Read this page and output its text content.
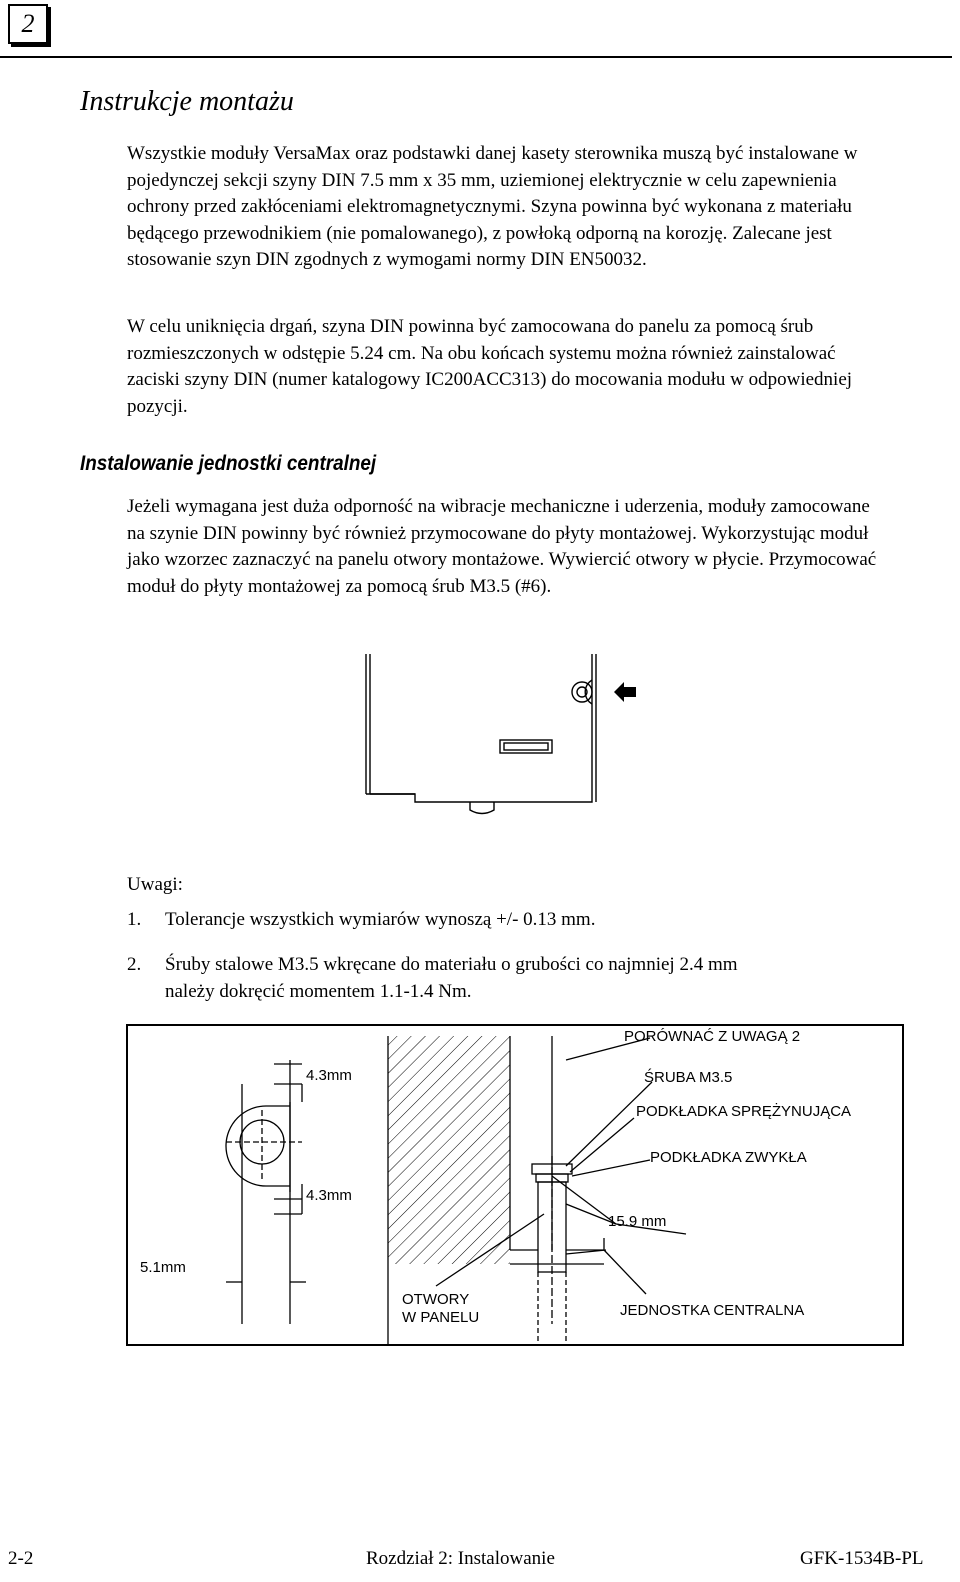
2
Instrukcje montażu

Wszystkie moduły VersaMax oraz podstawki danej kasety sterownika muszą być instalowane w pojedynczej sekcji szyny DIN 7.5 mm x 35 mm, uziemionej elektrycznie w celu zapewnienia ochrony przed zakłóceniami elektromagnetycznymi. Szyna powinna być wykonana z materiału będącego przewodnikiem (nie pomalowanego), z powłoką odporną na korozję. Zalecane jest stosowanie szyn DIN zgodnych z wymogami normy DIN EN50032.

W celu uniknięcia drgań, szyna DIN powinna być zamocowana do panelu za pomocą śrub rozmieszczonych w odstępie 5.24 cm. Na obu końcach systemu można również zainstalować zaciski szyny DIN (numer katalogowy IC200ACC313) do mocowania modułu w odpowiedniej pozycji.

Instalowanie jednostki centralnej

Jeżeli wymagana jest duża odporność na wibracje mechaniczne i uderzenia, moduły zamocowane na szynie DIN powinny być również przymocowane do płyty montażowej. Wykorzystując moduł jako wzorzec zaznaczyć na panelu otwory montażowe. Wywiercić otwory w płycie. Przymocować moduł do płyty montażowej za pomocą śrub M3.5 (#6).

Uwagi:
1. Tolerancje wszystkich wymiarów wynoszą +/- 0.13 mm.
2. Śruby stalowe M3.5 wkręcane do materiału o grubości co najmniej 2.4 mm
należy dokręcić momentem 1.1-1.4 Nm.
4.3mm
4.3mm
5.1mm
PORÓWNAĆ Z UWAGĄ 2
ŚRUBA M3.5
PODKŁADKA SPRĘŻYNUJĄCA
PODKŁADKA ZWYKŁA
15.9 mm
OTWORY
W PANELU	JEDNOSTKA CENTRALNA
2-2	Rozdział 2: Instalowanie	GFK-1534B-PL
